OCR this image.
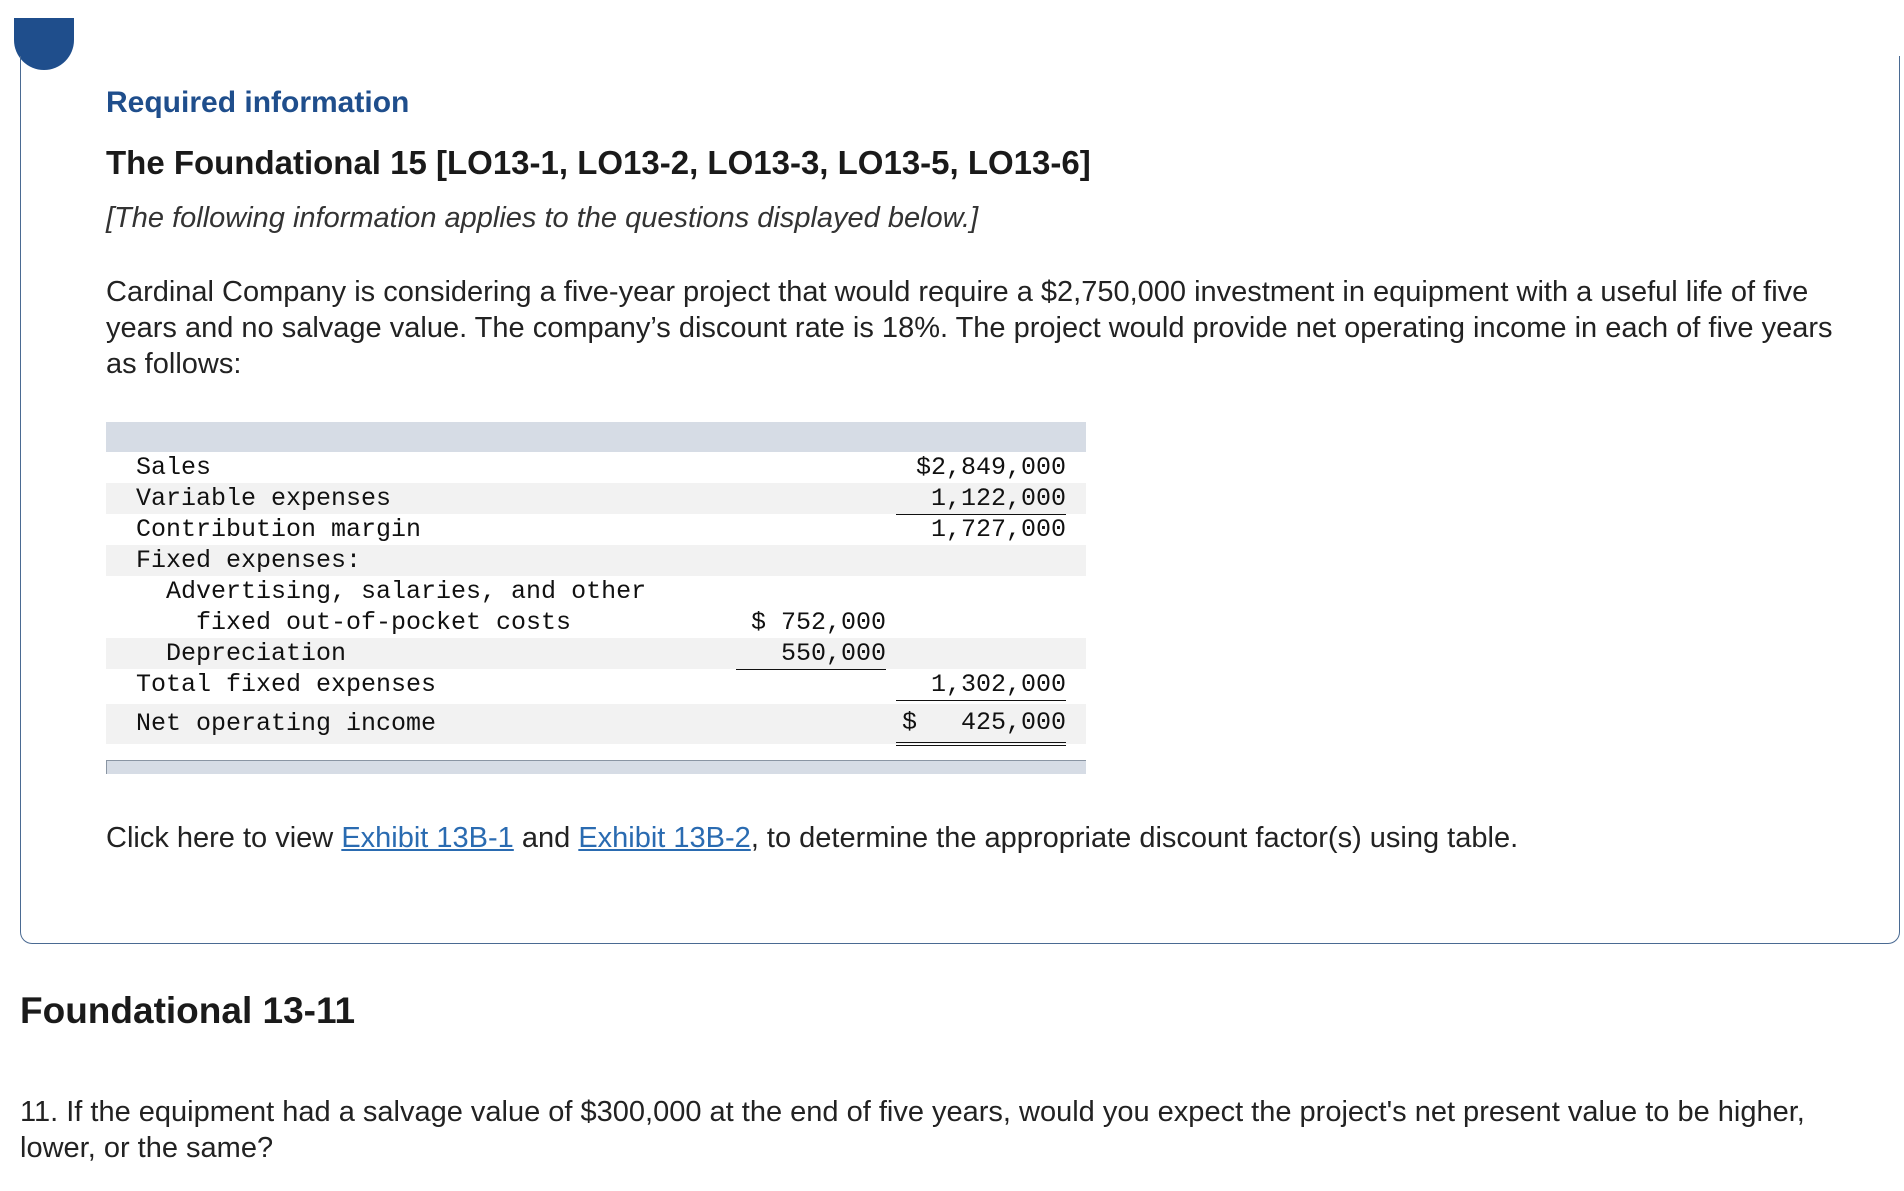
Required information
The Foundational 15 [LO13-1, LO13-2, LO13-3, LO13-5, LO13-6]

[The following information applies to the questions displayed below.]

Cardinal Company is considering a five-year project that would require a $2,750,000 investment in equipment with a useful life of five years and no salvage value. The company’s discount rate is 18%. The project would provide net operating income in each of five years as follows:

Sales	$2,849,000
Variable expenses	1,122,000
Contribution margin	1,727,000
Fixed expenses:
Advertising, salaries, and other
fixed out-of-pocket costs	$ 752,000
Depreciation	550,000
Total fixed expenses	1,302,000
Net operating income	$ 425,000

Click here to view Exhibit 13B-1 and Exhibit 13B-2, to determine the appropriate discount factor(s) using table.

Foundational 13-11

11. If the equipment had a salvage value of $300,000 at the end of five years, would you expect the project's net present value to be higher, lower, or the same?
